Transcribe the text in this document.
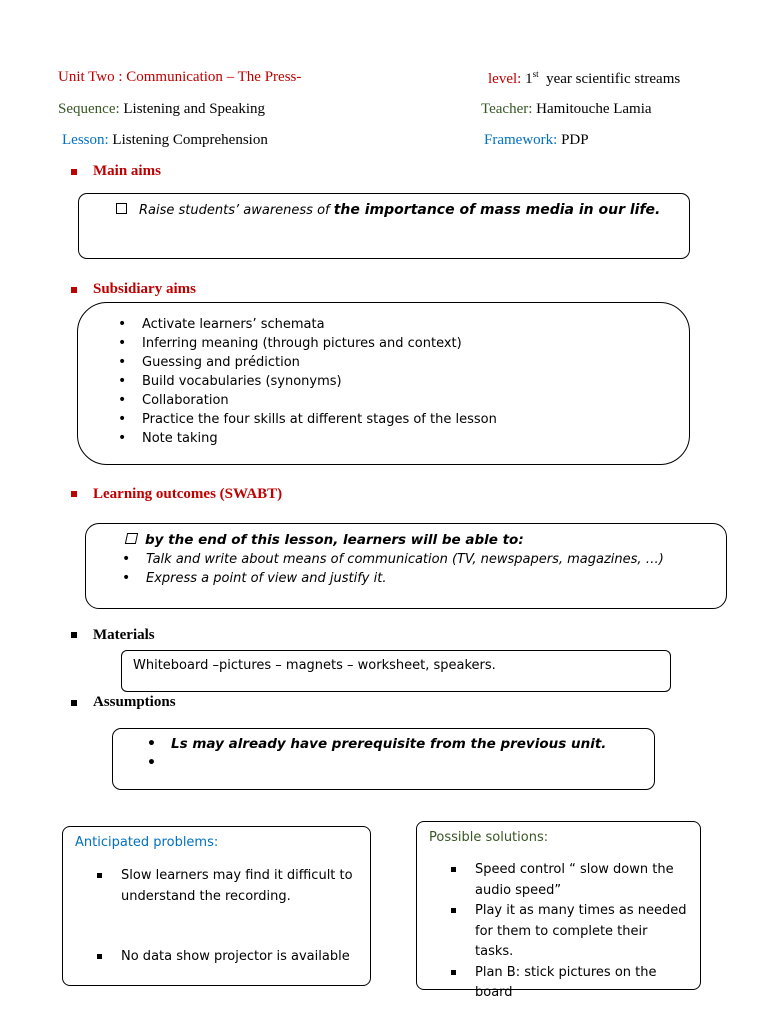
Unit Two : Communication – The Press-	level: 1st year scientific streams
Sequence: Listening and Speaking	Teacher: Hamitouche Lamia
Lesson: Listening Comprehension	Framework: PDP
Main aims
Raise students’ awareness of the importance of mass media in our life.
Subsidiary aims
• Activate learners’ schemata
• Inferring meaning (through pictures and context)
• Guessing and prédiction
• Build vocabularies (synonyms)
• Collaboration
• Practice the four skills at different stages of the lesson
• Note taking
Learning outcomes (SWABT)
by the end of this lesson, learners will be able to:
• Talk and write about means of communication (TV, newspapers, magazines, …)
• Express a point of view and justify it.
Materials
Whiteboard –pictures – magnets – worksheet, speakers.
Assumptions
• Ls may already have prerequisite from the previous unit.
Anticipated problems:
Slow learners may find it difficult to understand the recording.
No data show projector is available
Possible solutions:
Speed control “ slow down the audio speed”
Play it as many times as needed for them to complete their tasks.
Plan B: stick pictures on the board
